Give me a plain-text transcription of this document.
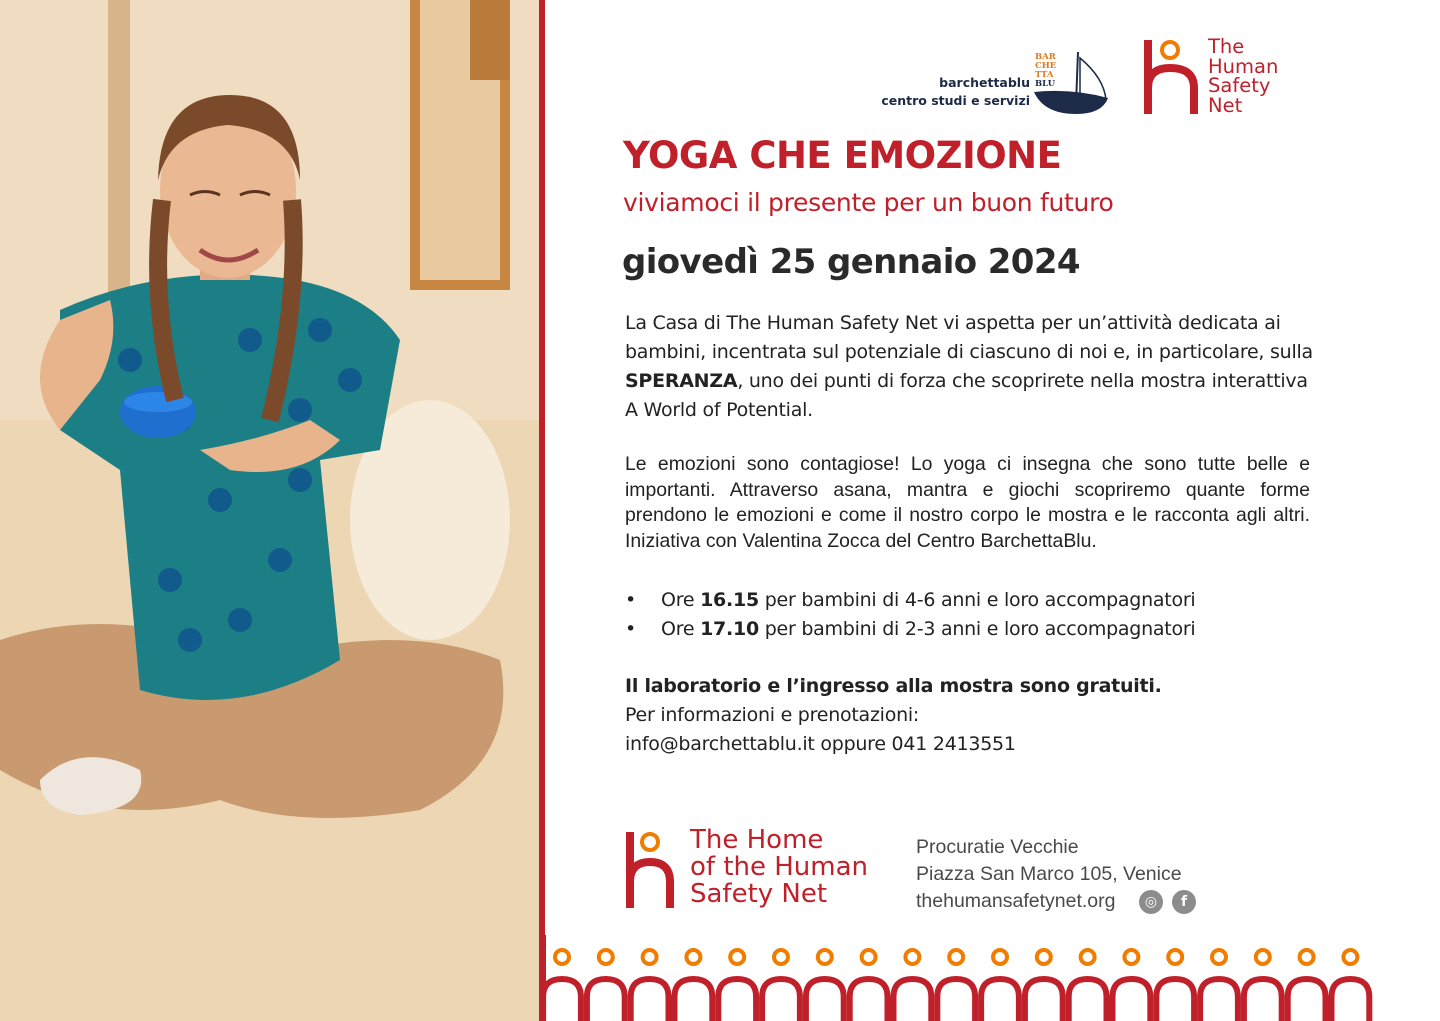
barchettablu
centro studi e servizi
BAR
CHE
TTA
BLU
The
Human
Safety
Net
YOGA CHE EMOZIONE
viviamoci il presente per un buon futuro
giovedì 25 gennaio 2024

La Casa di The Human Safety Net vi aspetta per un’attività dedicata ai bambini, incentrata sul potenziale di ciascuno di noi e, in particolare, sulla SPERANZA, uno dei punti di forza che scoprirete nella mostra interattiva A World of Potential.

Le emozioni sono contagiose! Lo yoga ci insegna che sono tutte belle e importanti. Attraverso asana, mantra e giochi scopriremo quante forme prendono le emozioni e come il nostro corpo le mostra e le racconta agli altri. Iniziativa con Valentina Zocca del Centro BarchettaBlu.

• Ore 16.15 per bambini di 4-6 anni e loro accompagnatori
• Ore 17.10 per bambini di 2-3 anni e loro accompagnatori
Il laboratorio e l’ingresso alla mostra sono gratuiti.
Per informazioni e prenotazioni:
info@barchettablu.it oppure 041 2413551
The Home
of the Human
Safety Net
Procuratie Vecchie
Piazza San Marco 105, Venice
thehumansafetynet.org	◎	f
